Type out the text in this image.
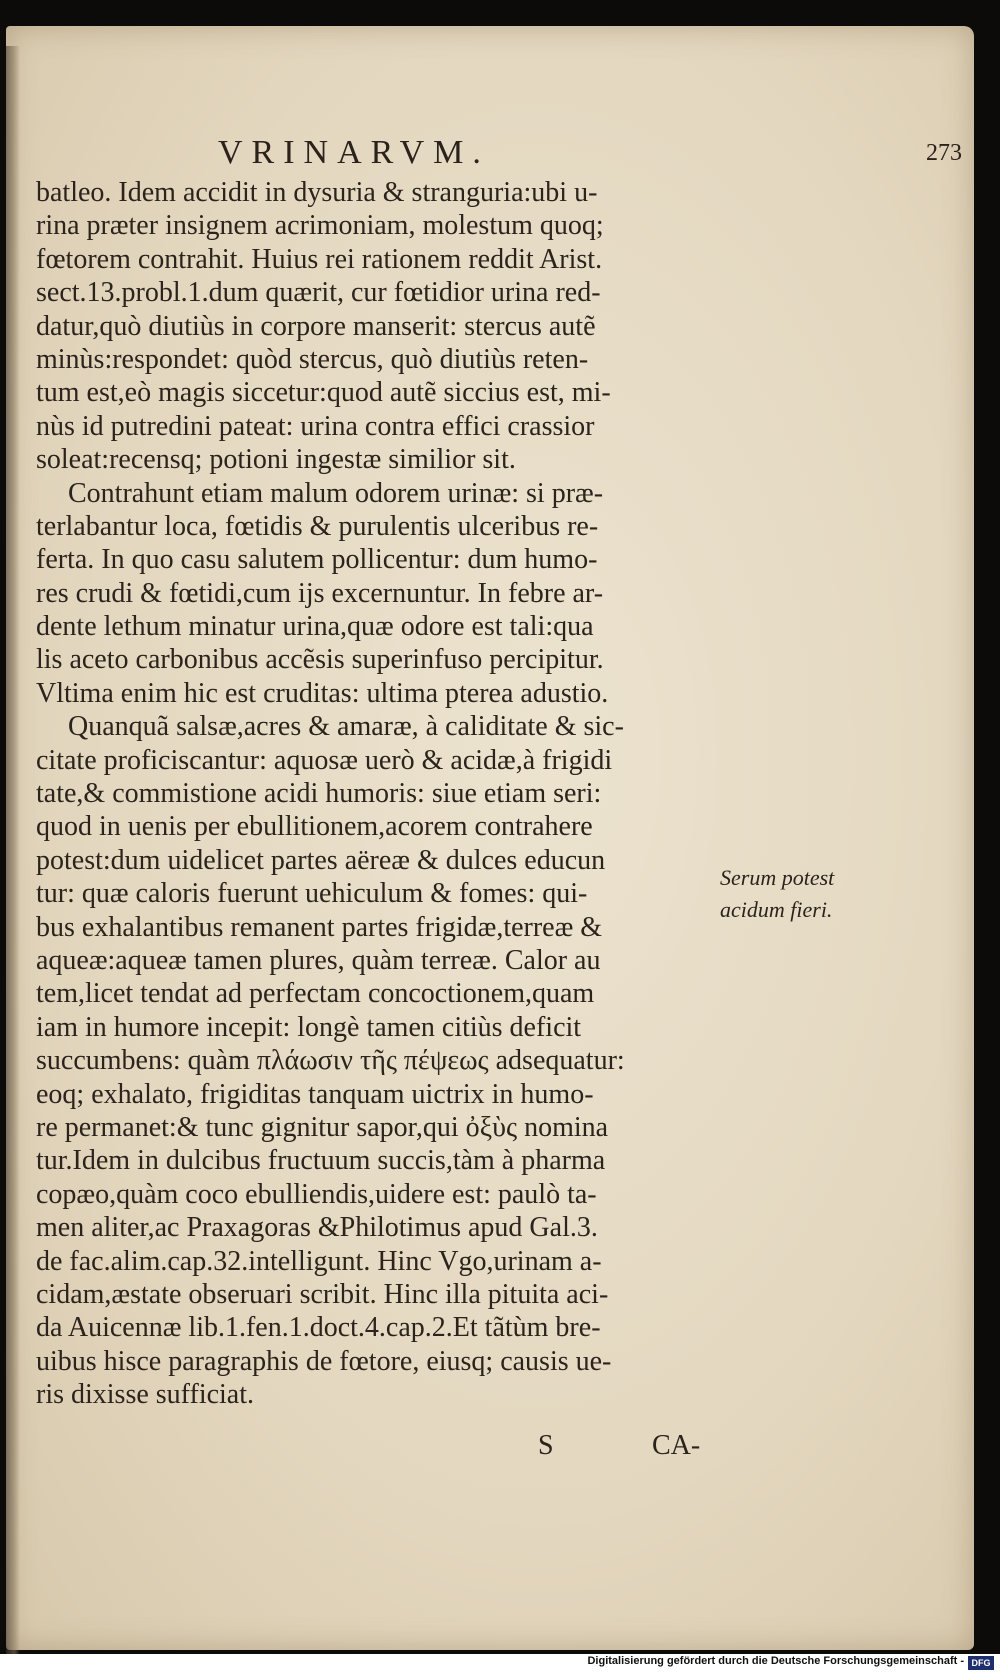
VRINARVM.	273
batleo. Idem accidit in dysuria & stranguria:ubi u-
rina præter insignem acrimoniam, molestum quoq;
fœtorem contrahit. Huius rei rationem reddit Arist.
sect.13.probl.1.dum quærit, cur fœtidior urina red-
datur,quò diutiùs in corpore manserit: stercus autẽ
minùs:respondet: quòd stercus, quò diutiùs reten-
tum est,eò magis siccetur:quod autẽ siccius est, mi-
nùs id putredini pateat: urina contra effici crassior
soleat:recensq; potioni ingestæ similior sit.
Contrahunt etiam malum odorem urinæ: si præ-
terlabantur loca, fœtidis & purulentis ulceribus re-
ferta. In quo casu salutem pollicentur: dum humo-
res crudi & fœtidi,cum ijs excernuntur. In febre ar-
dente lethum minatur urina,quæ odore est tali:qua
lis aceto carbonibus accẽsis superinfuso percipitur.
Vltima enim hic est cruditas: ultima pterea adustio.
Quanquã salsæ,acres & amaræ, à caliditate & sic-
citate proficiscantur: aquosæ uerò & acidæ,à frigidi
tate,& commistione acidi humoris: siue etiam seri:
quod in uenis per ebullitionem,acorem contrahere
potest:dum uidelicet partes aëreæ & dulces educun
tur: quæ caloris fuerunt uehiculum & fomes: qui-
bus exhalantibus remanent partes frigidæ,terreæ &
aqueæ:aqueæ tamen plures, quàm terreæ. Calor au
tem,licet tendat ad perfectam concoctionem,quam
iam in humore incepit: longè tamen citiùs deficit
succumbens: quàm πλάωσιν τῆς πέψεως adsequatur:
eoq; exhalato, frigiditas tanquam uictrix in humo-
re permanet:& tunc gignitur sapor,qui ὀξὺς nomina
tur.Idem in dulcibus fructuum succis,tàm à pharma
copæo,quàm coco ebulliendis,uidere est: paulò ta-
men aliter,ac Praxagoras &Philotimus apud Gal.3.
de fac.alim.cap.32.intelligunt. Hinc Vgo,urinam a-
cidam,æstate obseruari scribit. Hinc illa pituita aci-
da Auicennæ lib.1.fen.1.doct.4.cap.2.Et tãtùm bre-
uibus hisce paragraphis de fœtore, eiusq; causis ue-
ris dixisse sufficiat.
Serum potest
acidum fieri.
S	CA-
Digitalisierung gefördert durch die Deutsche Forschungsgemeinschaft - DFG
